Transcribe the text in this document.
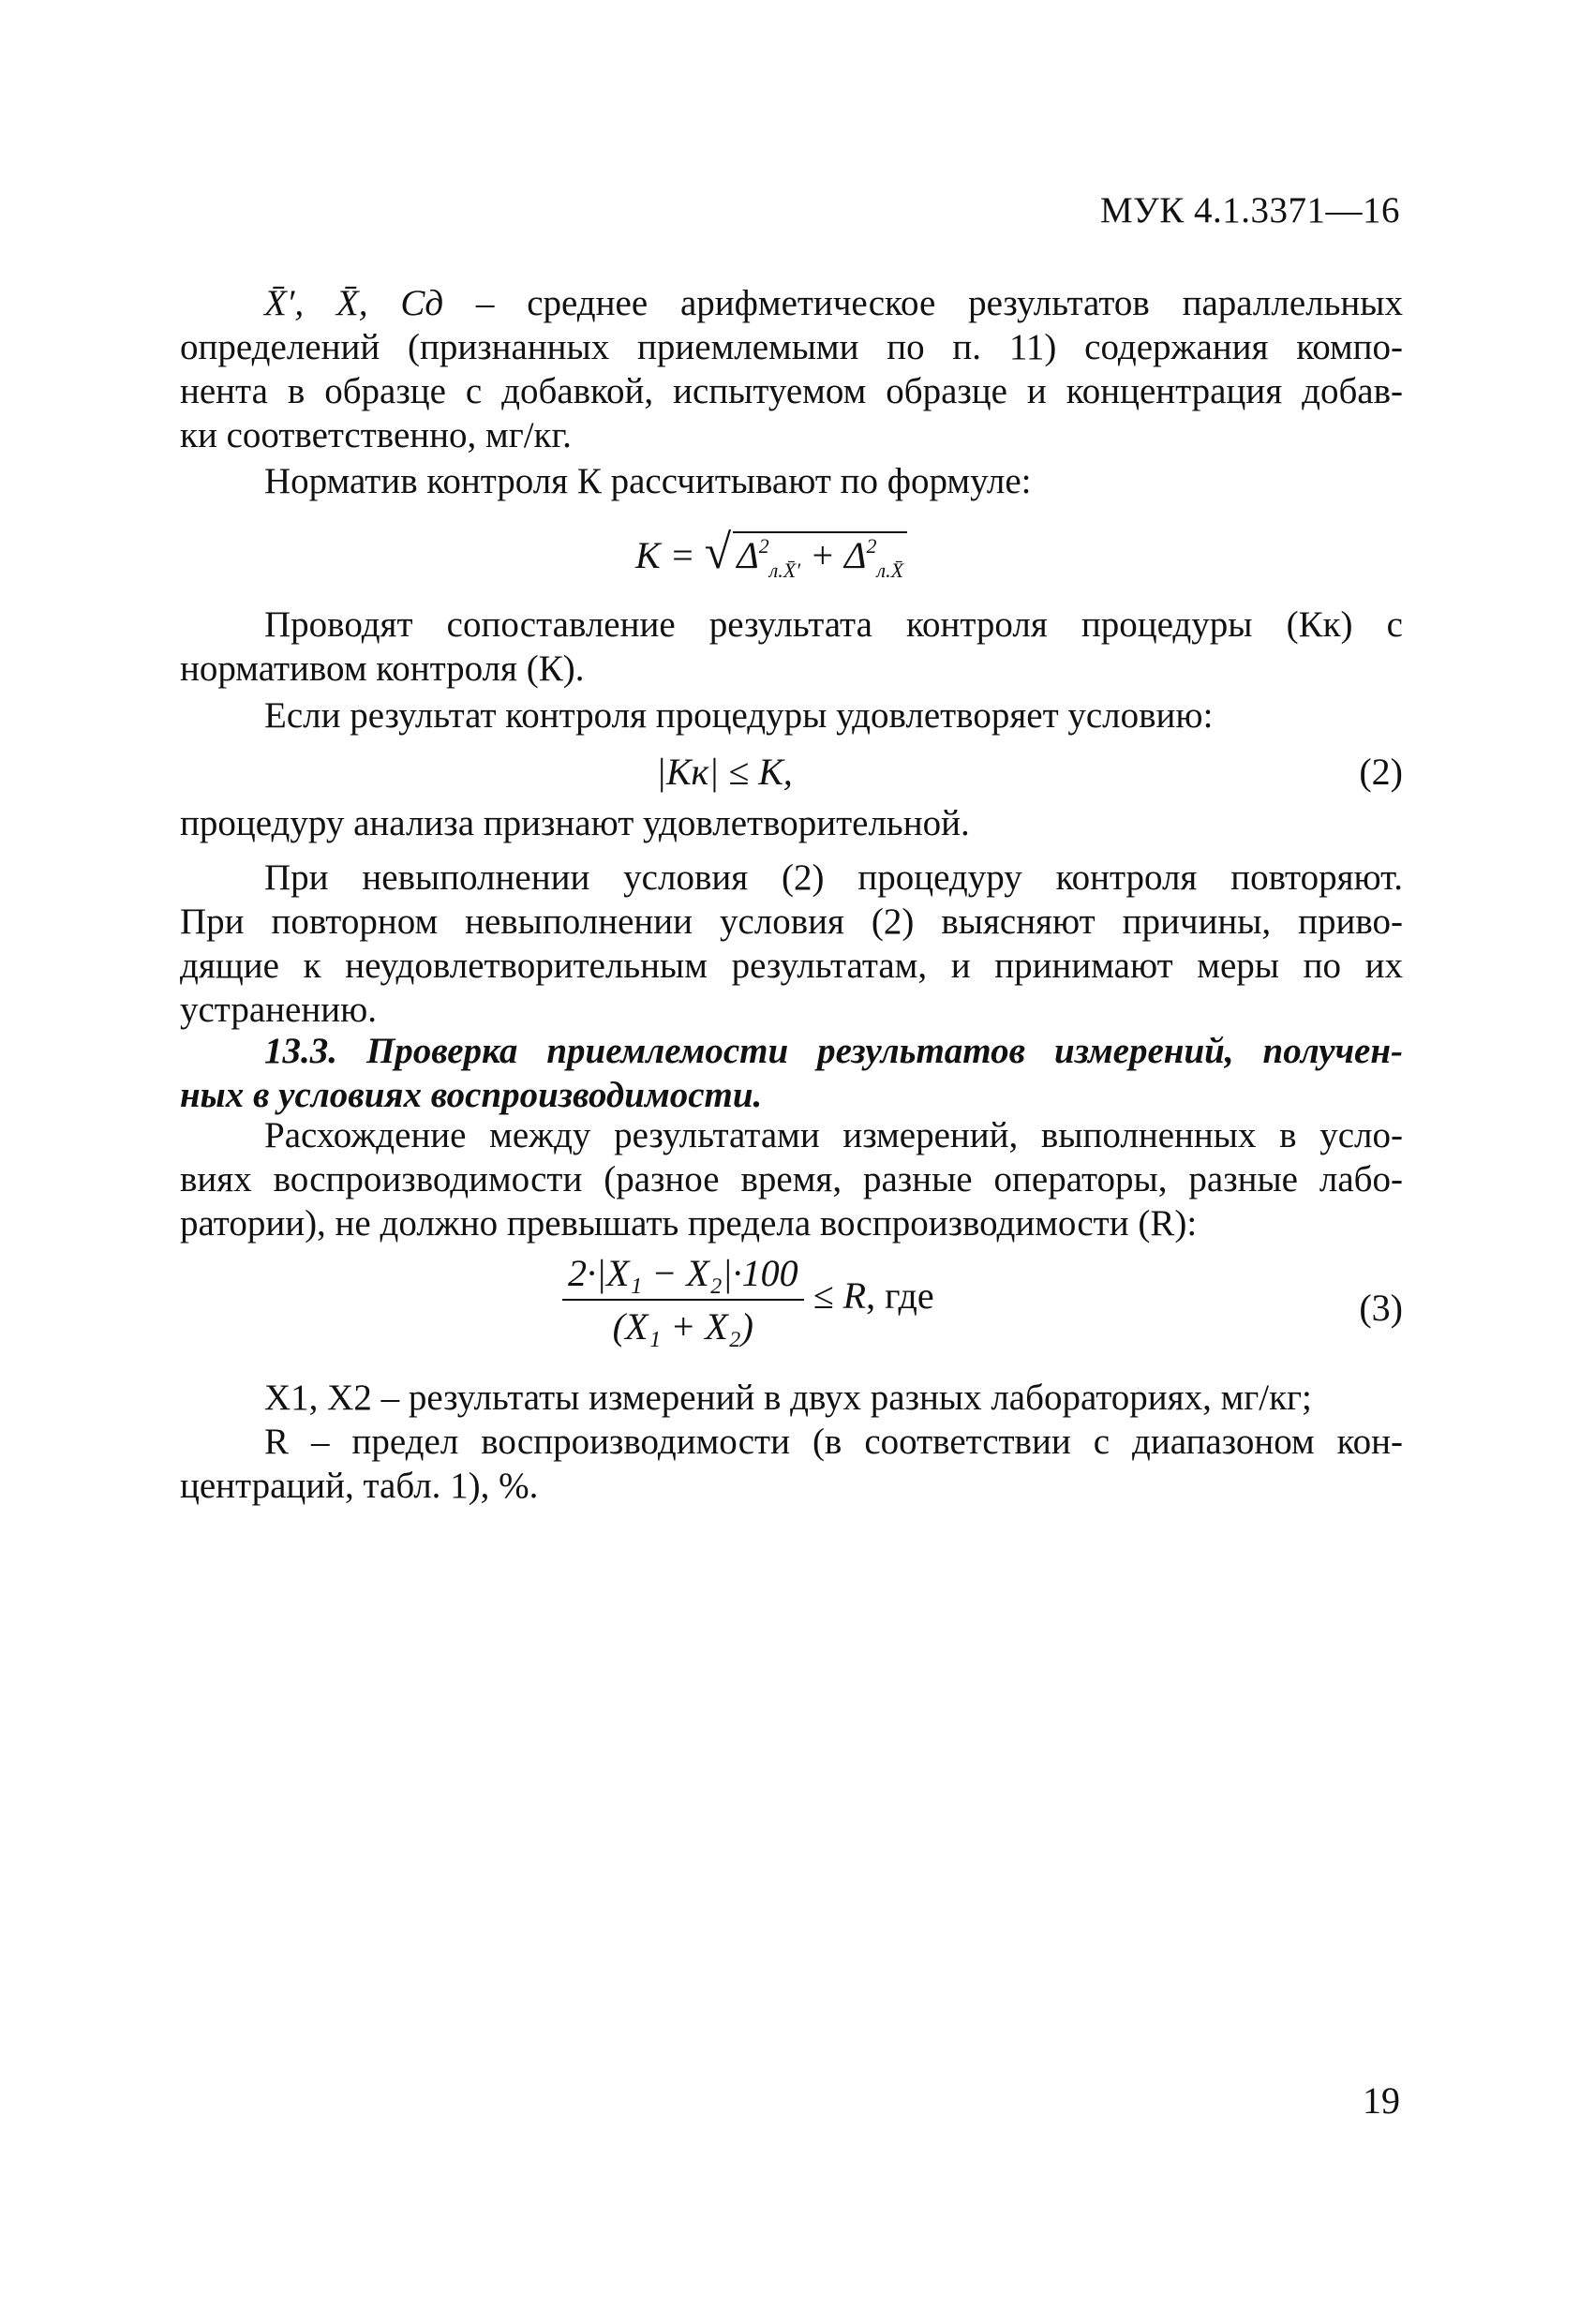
МУК 4.1.3371—16
X̄′, X̄, Cд – среднее арифметическое результатов параллельных
определений (признанных приемлемыми по п. 11) содержания компо-
нента в образце с добавкой, испытуемом образце и концентрация добав-
ки соответственно, мг/кг.
Норматив контроля К рассчитывают по формуле:
K = √ $\Delta^2_{л.X̄'} + \Delta^2_{л.X̄}$
Проводят сопоставление результата контроля процедуры (Кк) с
нормативом контроля (К).
Если результат контроля процедуры удовлетворяет условию:
|Кк| ≤ К,	(2)
процедуру анализа признают удовлетворительной.
При невыполнении условия (2) процедуру контроля повторяют.
При повторном невыполнении условия (2) выясняют причины, приво-
дящие к неудовлетворительным результатам, и принимают меры по их
устранению.
13.3. Проверка приемлемости результатов измерений, получен-
ных в условиях воспроизводимости.
Расхождение между результатами измерений, выполненных в усло-
виях воспроизводимости (разное время, разные операторы, разные лабо-
ратории), не должно превышать предела воспроизводимости (R):
$\frac{\text{2·|X₁ − X₂|·100}}{\text{(X₁ + X₂)}} \le R$, где	(3)
X1, X2 – результаты измерений в двух разных лабораториях, мг/кг;
R – предел воспроизводимости (в соответствии с диапазоном кон-
центраций, табл. 1), %.
19
